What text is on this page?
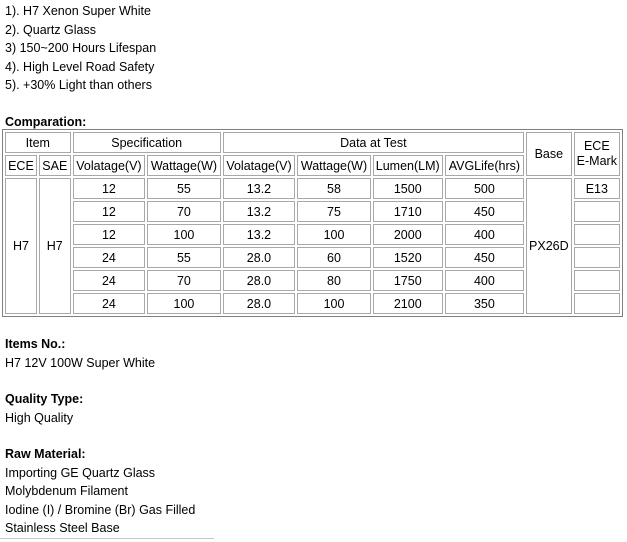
1). H7 Xenon Super White
2). Quartz Glass
3) 150~200 Hours Lifespan
4). High Level Road Safety
5). +30% Light than others
Comparation:
Item		Specification		Data at Test				Base	ECE
E-Mark
ECE	SAE	Volatage(V)	Wattage(W)	Volatage(V)	Wattage(W)	Lumen(LM)	AVGLife(hrs)		
H7	H7	12	55	13.2	58	1500	500	PX26D	E13
		12	70	13.2	75	1710	450		
		12	100	13.2	100	2000	400		
		24	55	28.0	60	1520	450		
		24	70	28.0	80	1750	400		
		24	100	28.0	100	2100	350		
Items No.:
H7 12V 100W Super White
Quality Type:
High Quality
Raw Material:
Importing GE Quartz Glass
Molybdenum Filament
Iodine (I) / Bromine (Br) Gas Filled
Stainless Steel Base
